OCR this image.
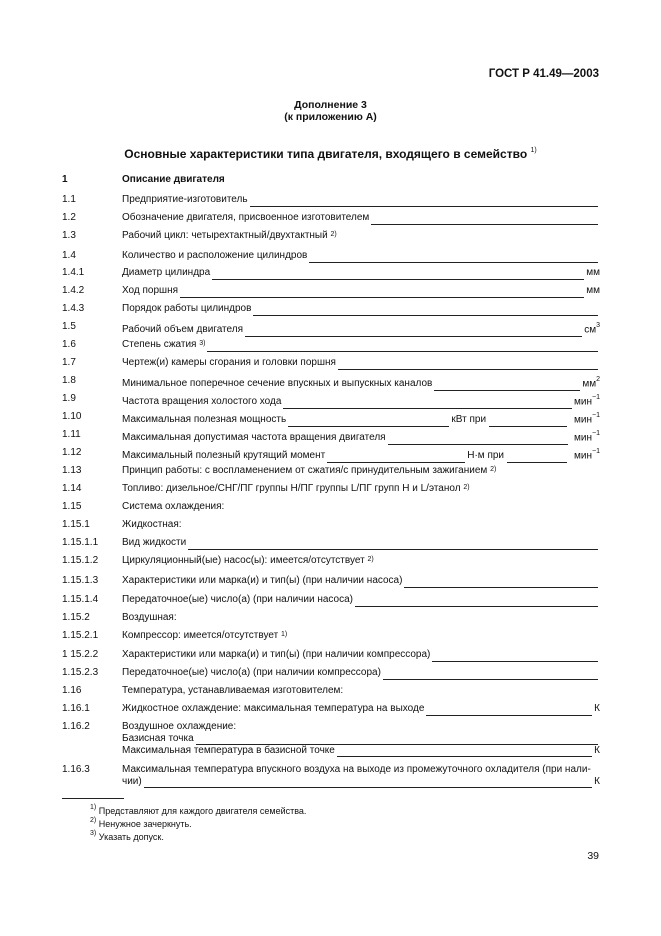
ГОСТ Р 41.49—2003
Дополнение 3
(к приложению А)
Основные характеристики типа двигателя, входящего в семейство $^{1)}$
1	Описание двигателя
1.1	Предприятие-изготовитель
1.2	Обозначение двигателя, присвоенное изготовителем
1.3	Рабочий цикл: четырехтактный/двухтактный
$^{2)}$
1.4	Количество и расположение цилиндров
1.4.1	Диаметр цилиндра	мм
1.4.2	Ход поршня	мм
1.4.3	Порядок работы цилиндров
1.5	Рабочий объем двигателя	$см^3$
1.6	Степень сжатия
$^{3)}$
1.7	Чертеж(и) камеры сгорания и головки поршня
1.8	Минимальное поперечное сечение впускных и выпускных каналов	$мм^2$
1.9	Частота вращения холостого хода	мин$^{-1}$
1.10	Максимальная полезная мощность	кВт при	мин$^{-1}$
1.11	Максимальная допустимая частота вращения двигателя	мин$^{-1}$
1.12	Максимальный полезный крутящий момент	Н·м при	мин$^{-1}$
1.13	Принцип работы: с воспламенением от сжатия/с принудительным зажиганием
$^{2)}$
1.14	Топливо: дизельное/СНГ/ПГ группы Н/ПГ группы L/ПГ групп Н и L/этанол
$^{2)}$
1.15	Система охлаждения:
1.15.1	Жидкостная:
1.15.1.1 Вид жидкости
1.15.1.2 Циркуляционный(ые) насос(ы): имеется/отсутствует
$^{2)}$
1.15.1.3 Характеристики или марка(и) и тип(ы) (при наличии насоса)
1.15.1.4 Передаточное(ые) число(а) (при наличии насоса)
1.15.2	Воздушная:
1.15.2.1 Компрессор: имеется/отсутствует
$^{1)}$
1 15.2.2 Характеристики или марка(и) и тип(ы) (при наличии компрессора)
1.15.2.3 Передаточное(ые) число(а) (при наличии компрессора)
1.16	Температура, устанавливаемая изготовителем:
1.16.1	Жидкостное охлаждение: максимальная температура на выходе	К
1.16.2	Воздушное охлаждение:
Базисная точка
Максимальная температура в базисной точке	К
1.16.3	Максимальная температура впускного воздуха на выходе из промежуточного охладителя (при нали-
чии)	К
$^{1)}$ Представляют для каждого двигателя семейства.
$^{2)}$ Ненужное зачеркнуть.
$^{3)}$ Указать допуск.
39
